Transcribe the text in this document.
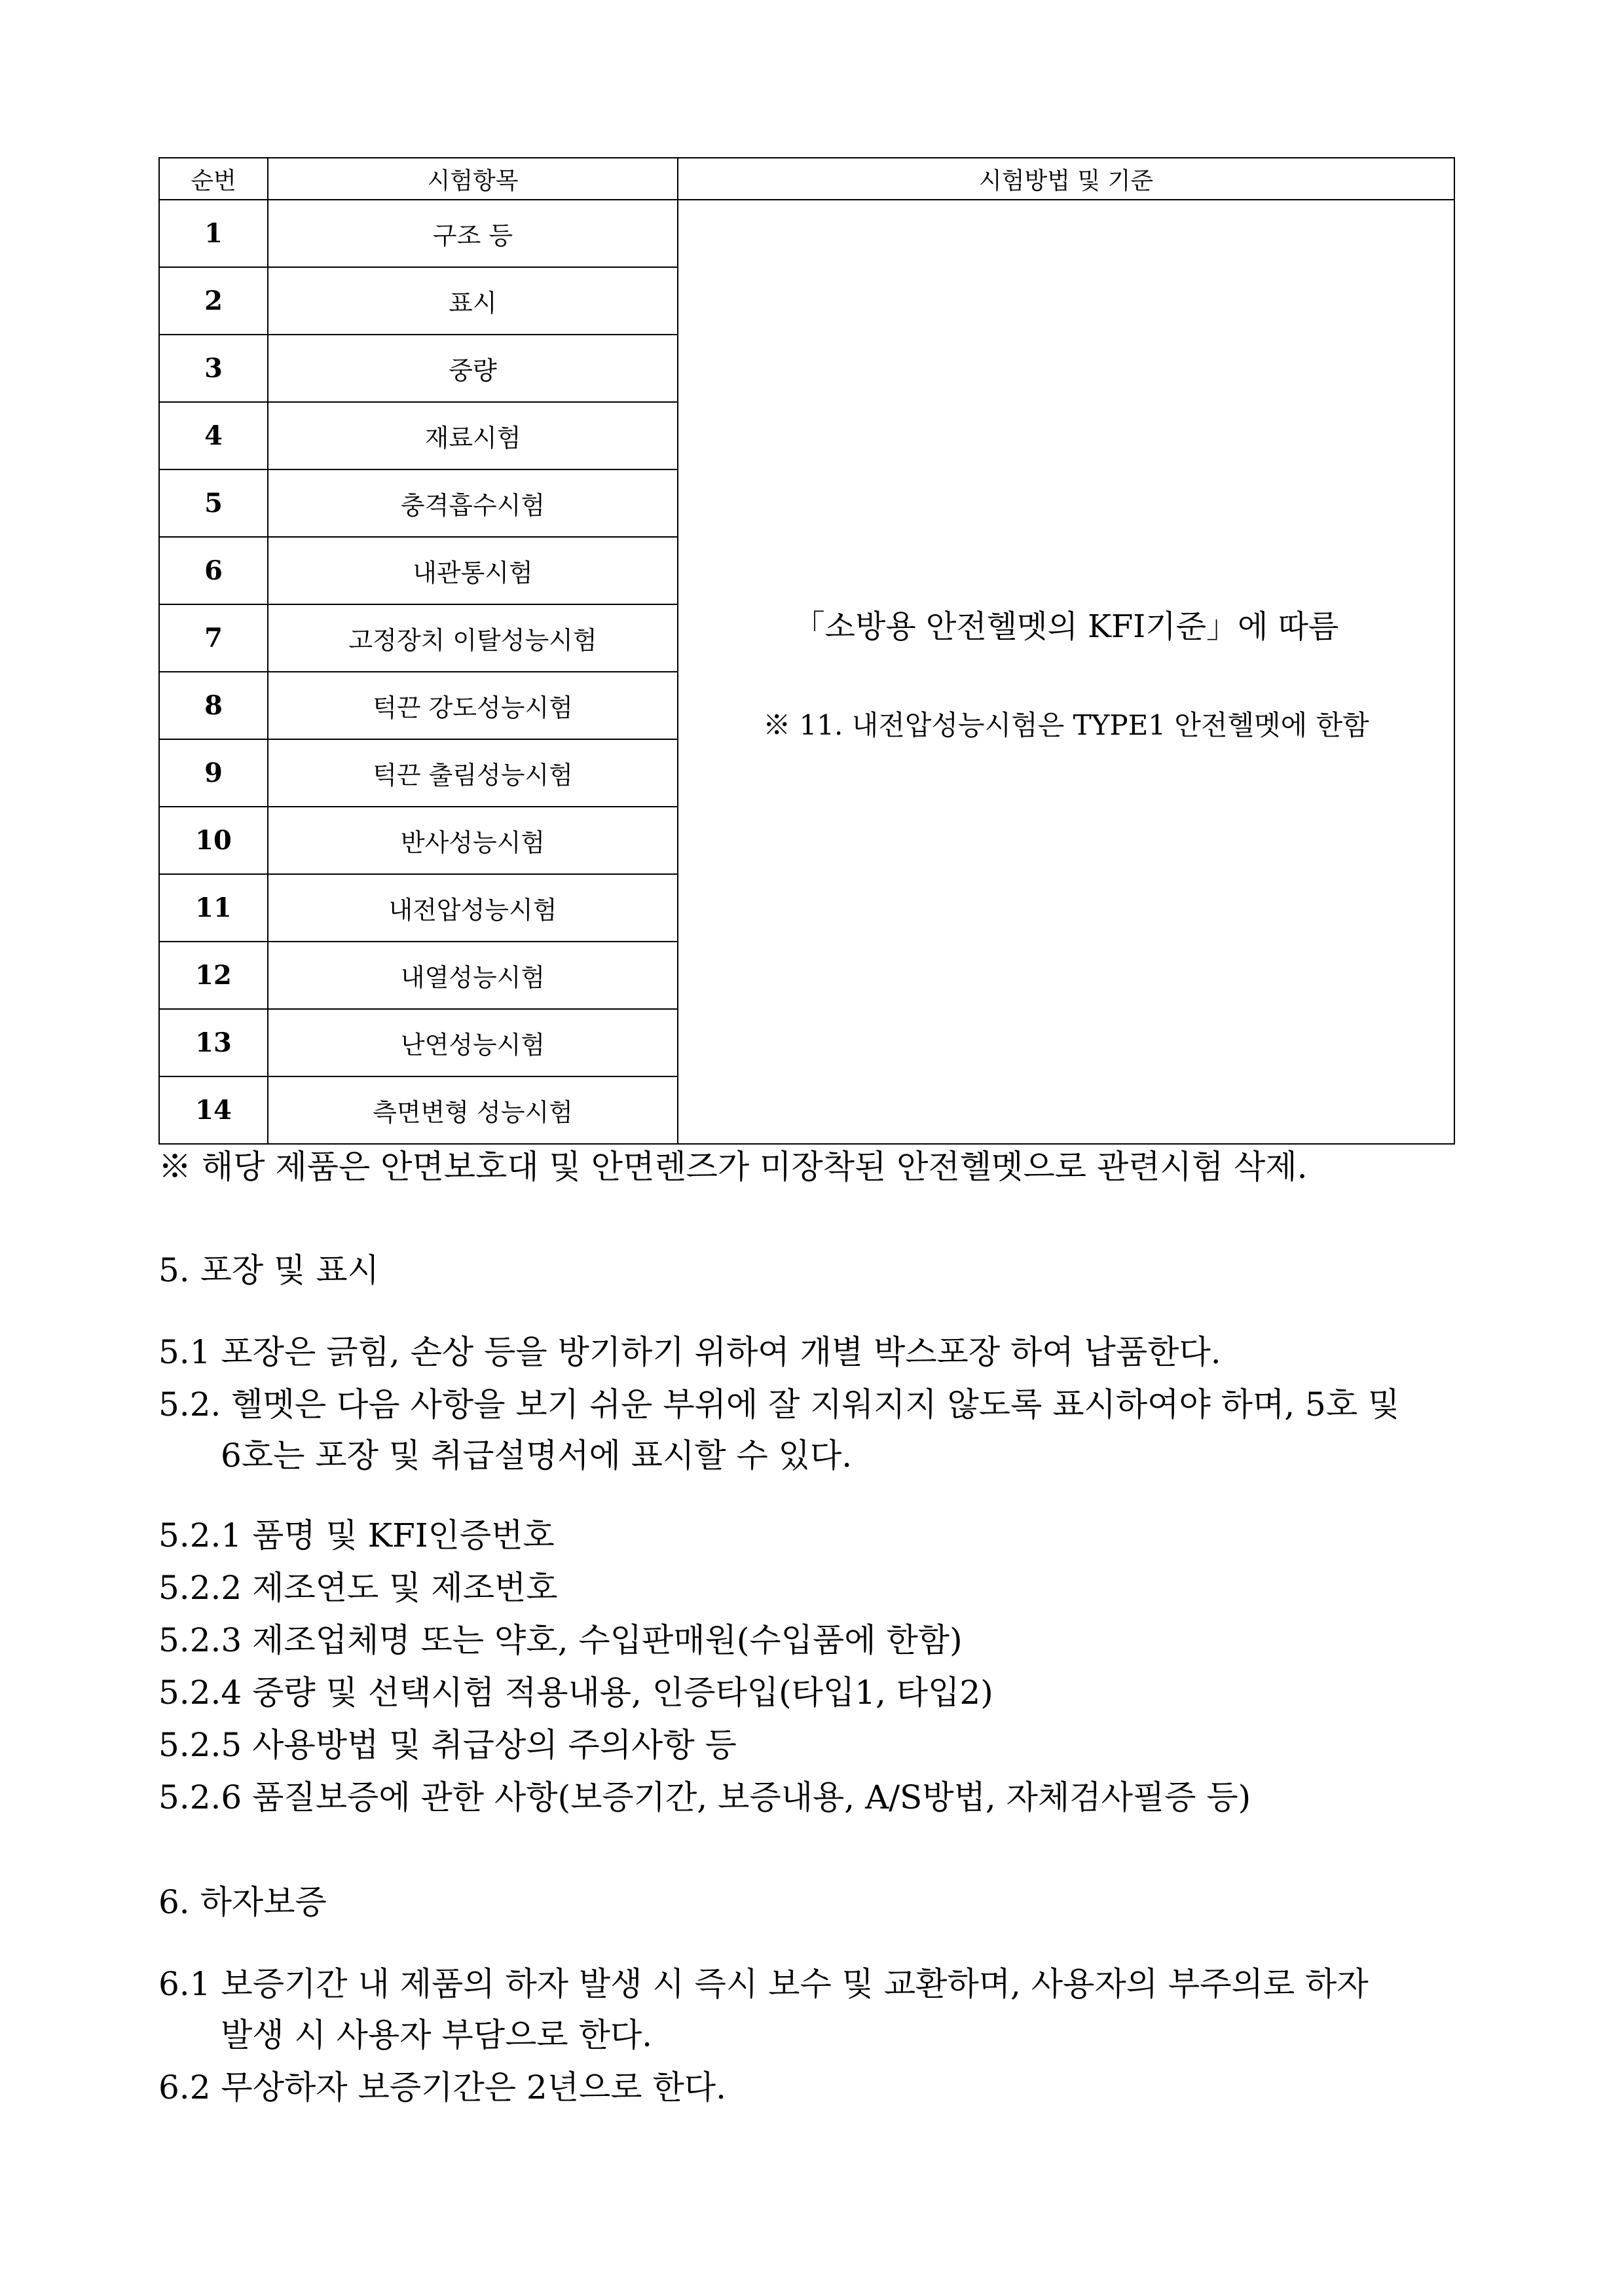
순번	시험항목	시험방법 및 기준
1	구조 등	「소방용 안전헬멧의 KFI기준」에 따름
※ 11. 내전압성능시험은 TYPE1 안전헬멧에 한함

2	표시	
3	중량	
4	재료시험	
5	충격흡수시험	
6	내관통시험	
7	고정장치 이탈성능시험	
8	턱끈 강도성능시험	
9	턱끈 출림성능시험	
10	반사성능시험	
11	내전압성능시험	
12	내열성능시험	
13	난연성능시험	
14	측면변형 성능시험	
※ 해당 제품은 안면보호대 및 안면렌즈가 미장착된 안전헬멧으로 관련시험 삭제.
5. 포장 및 표시
5.1 포장은 긁힘, 손상 등을 방기하기 위하여 개별 박스포장 하여 납품한다.
5.2. 헬멧은 다음 사항을 보기 쉬운 부위에 잘 지워지지 않도록 표시하여야 하며, 5호 및
6호는 포장 및 취급설명서에 표시할 수 있다.
5.2.1 품명 및 KFI인증번호
5.2.2 제조연도 및 제조번호
5.2.3 제조업체명 또는 약호, 수입판매원(수입품에 한함)
5.2.4 중량 및 선택시험 적용내용, 인증타입(타입1, 타입2)
5.2.5 사용방법 및 취급상의 주의사항 등
5.2.6 품질보증에 관한 사항(보증기간, 보증내용, A/S방법, 자체검사필증 등)
6. 하자보증
6.1 보증기간 내 제품의 하자 발생 시 즉시 보수 및 교환하며, 사용자의 부주의로 하자
발생 시 사용자 부담으로 한다.
6.2 무상하자 보증기간은 2년으로 한다.
